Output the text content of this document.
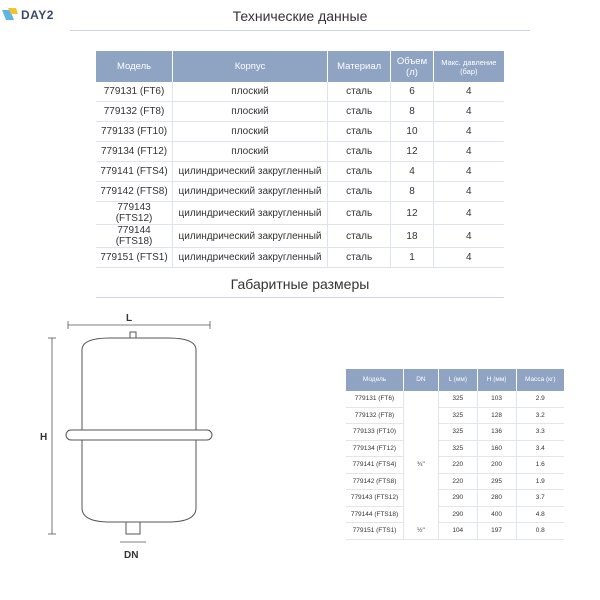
DAY2	Технические данные
Модель	Корпус	Материал	Объем (л)	Макс. давление (бар)
779131 (FT6)	плоский	сталь	6	4
779132 (FT8)	плоский	сталь	8	4
779133 (FT10)	плоский	сталь	10	4
779134 (FT12)	плоский	сталь	12	4
779141 (FTS4)	цилиндрический закругленный	сталь	4	4
779142 (FTS8)	цилиндрический закругленный	сталь	8	4
779143 (FTS12)	цилиндрический закругленный	сталь	12	4
779144 (FTS18)	цилиндрический закругленный	сталь	18	4
779151 (FTS1)	цилиндрический закругленный	сталь	1	4
Габаритные размеры
L
H
DN
Модель	DN	L (мм)	H (мм)	Масса (кг)
779131 (FT6)		325	103	2.9
779132 (FT8)		325	128	3.2
779133 (FT10)		325	136	3.3
779134 (FT12)		325	160	3.4
779141 (FTS4)	¾"	220	200	1.6
779142 (FTS8)		220	295	1.9
779143 (FTS12)		290	280	3.7
779144 (FTS18)		290	400	4.8
779151 (FTS1)	½"	104	197	0.8
